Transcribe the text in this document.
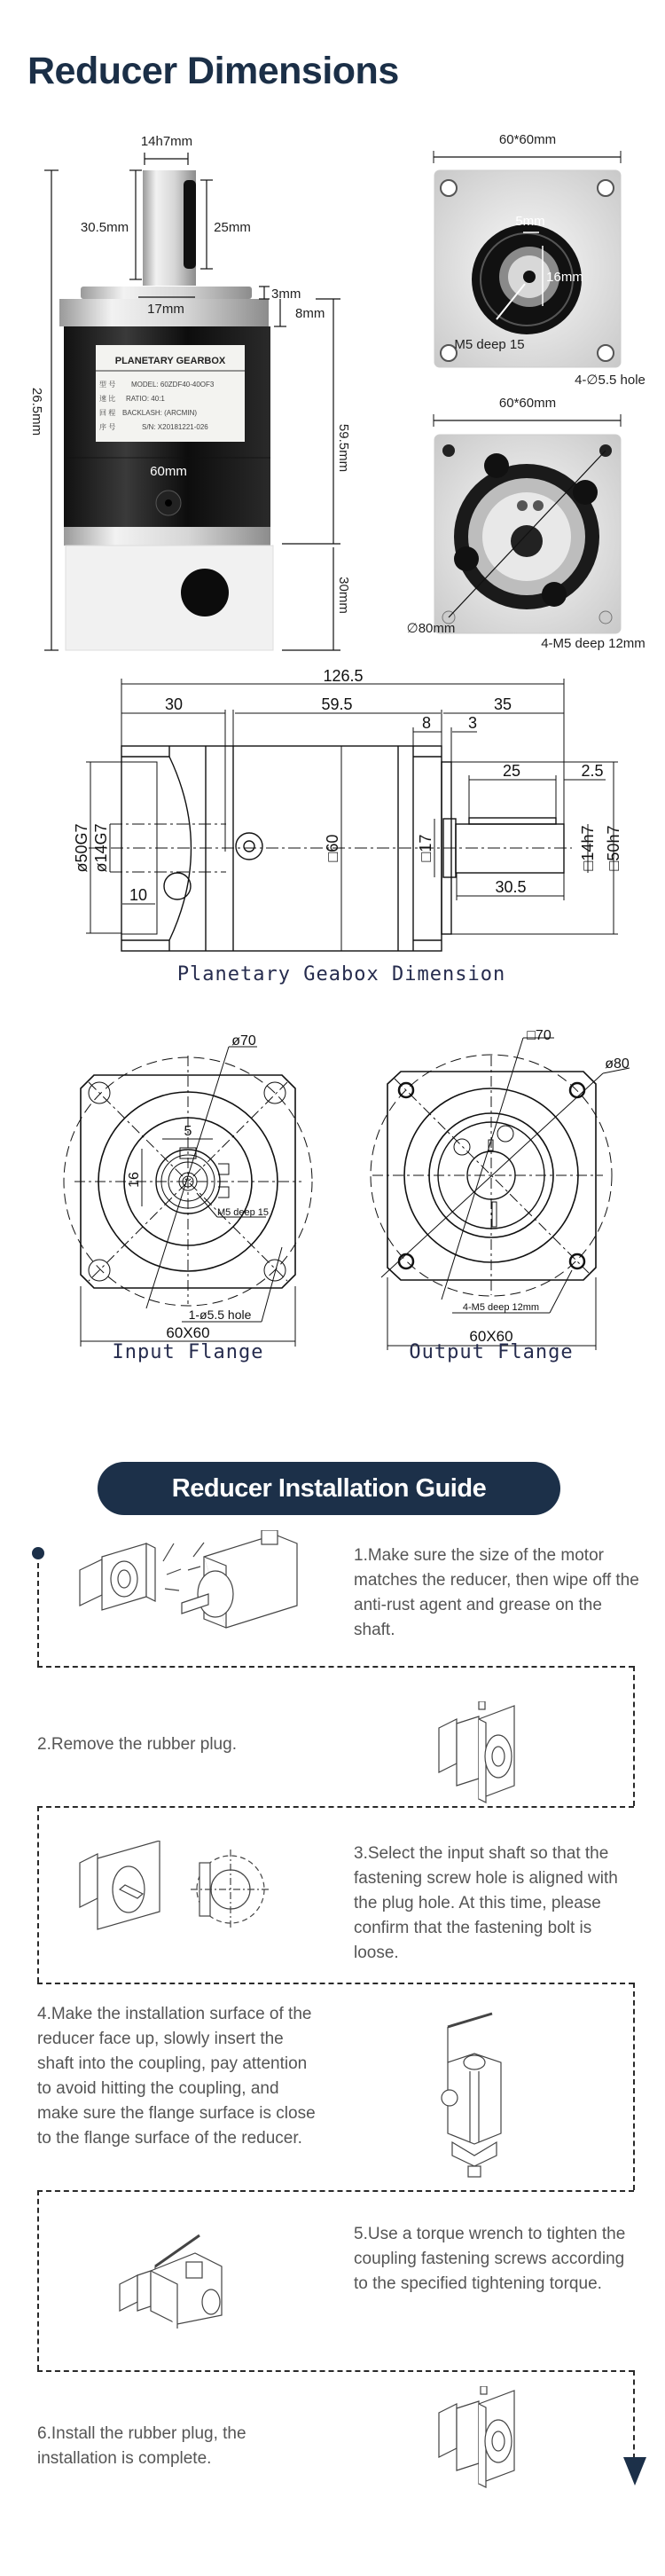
Reducer Dimensions
PLANETARY GEARBOX
型 号 MODEL: 60ZDF40-40OF3
速 比 RATIO: 40:1
回 程 BACKLASH: (ARCMIN)
序 号	S/N: X20181221-026
14h7mm
30.5mm	25mm
3mm
8mm
17mm
60mm
26.5mm
59.5mm
30mm
60*60mm
5mm
16mm
M5 deep 15
4-∅5.5 hole
60*60mm
∅80mm
4-M5 deep 12mm
126.5
30	59.5	35
8 3
25	2.5
30.5
10
ø50G7 ø14G7	□60	□17	□14h7 □50h7
Planetary Geabox Dimension
ø70
5
16
M5 deep 15
1-ø5.5 hole
60X60
□70
ø80
4-M5 deep 12mm
60X60
Input Flange	Output Flange
Reducer Installation Guide
1.Make sure the size of the motor matches the reducer, then wipe off the anti-rust agent and grease on the shaft.
2.Remove the rubber plug.
3.Select the input shaft so that the fastening screw hole is aligned with the plug hole. At this time, please confirm that the fastening bolt is loose.
4.Make the installation surface of the reducer face up, slowly insert the shaft into the coupling, pay attention to avoid hitting the coupling, and make sure the flange surface is close to the flange surface of the reducer.
5.Use a torque wrench to tighten the coupling fastening screws according to the specified tightening torque.
6.Install the rubber plug, the installation is complete.
